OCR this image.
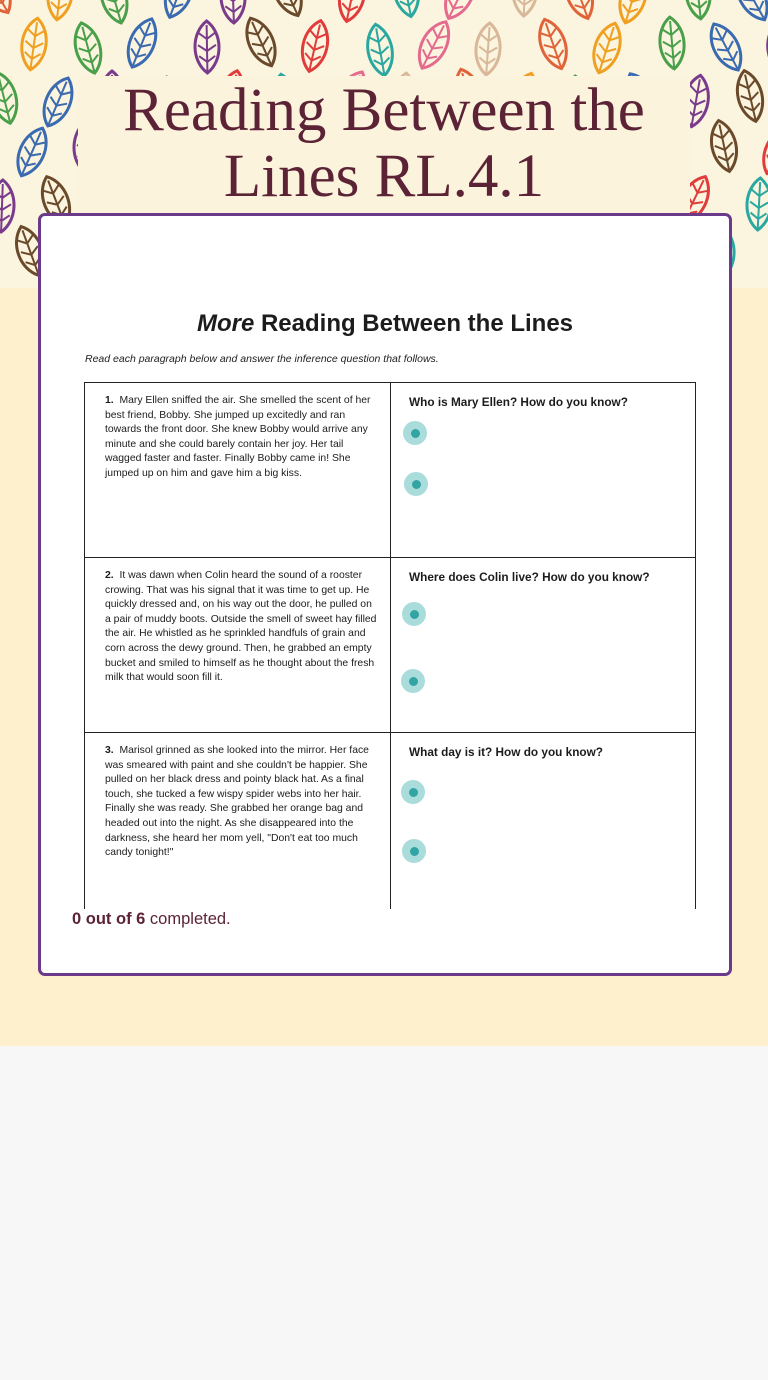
Reading Between the Lines RL.4.1
More Reading Between the Lines

Read each paragraph below and answer the inference question that follows.

1. Mary Ellen sniffed the air. She smelled the scent of her best friend, Bobby. She jumped up excitedly and ran towards the front door. She knew Bobby would arrive any minute and she could barely contain her joy. Her tail wagged faster and faster. Finally Bobby came in! She jumped up on him and gave him a big kiss.
Who is Mary Ellen? How do you know?
2. It was dawn when Colin heard the sound of a rooster crowing. That was his signal that it was time to get up. He quickly dressed and, on his way out the door, he pulled on a pair of muddy boots. Outside the smell of sweet hay filled the air. He whistled as he sprinkled handfuls of grain and corn across the dewy ground. Then, he grabbed an empty bucket and smiled to himself as he thought about the fresh milk that would soon fill it.
Where does Colin live? How do you know?
3. Marisol grinned as she looked into the mirror. Her face was smeared with paint and she couldn't be happier. She pulled on her black dress and pointy black hat. As a final touch, she tucked a few wispy spider webs into her hair. Finally she was ready. She grabbed her orange bag and headed out into the night. As she disappeared into the darkness, she heard her mom yell, "Don't eat too much candy tonight!"
What day is it? How do you know?

0 out of 6 completed.
